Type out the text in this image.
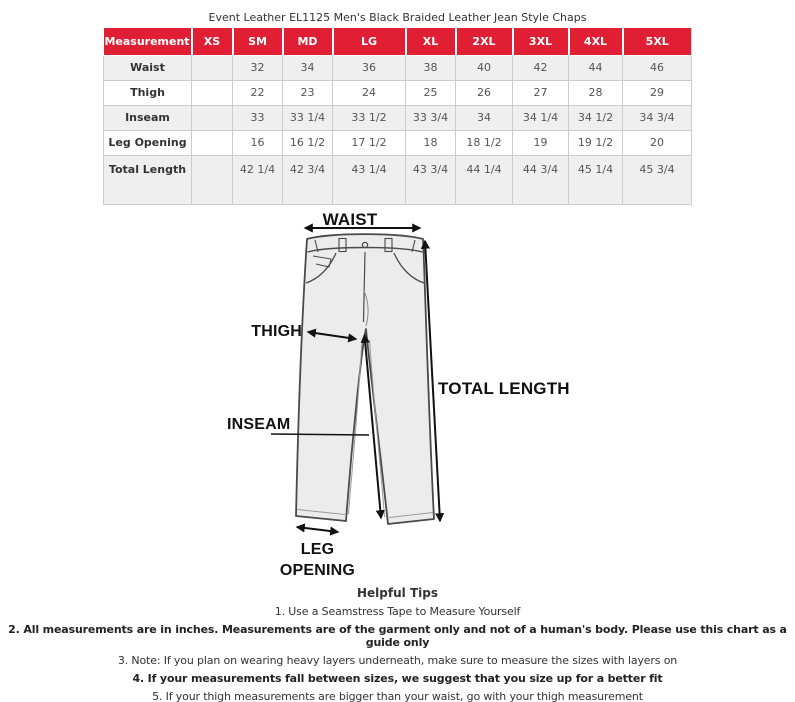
Event Leather EL1125 Men's Black Braided Leather Jean Style Chaps
Measurement	XS	SM	MD	LG	XL	2XL	3XL	4XL	5XL
Waist		32	34	36	38	40	42	44	46
Thigh		22	23	24	25	26	27	28	29
Inseam		33	33 1/4	33 1/2	33 3/4	34	34 1/4	34 1/2	34 3/4
Leg Opening		16	16 1/2	17 1/2	18	18 1/2	19	19 1/2	20
Total Length		42 1/4	42 3/4	43 1/4	43 3/4	44 1/4	44 3/4	45 1/4	45 3/4
WAIST
THIGH
INSEAM
TOTAL LENGTH
LEG
OPENING
Helpful Tips
1. Use a Seamstress Tape to Measure Yourself
2. All measurements are in inches. Measurements are of the garment only and not of a human's body. Please use this chart as a guide only
3. Note: If you plan on wearing heavy layers underneath, make sure to measure the sizes with layers on
4. If your measurements fall between sizes, we suggest that you size up for a better fit
5. If your thigh measurements are bigger than your waist, go with your thigh measurement
